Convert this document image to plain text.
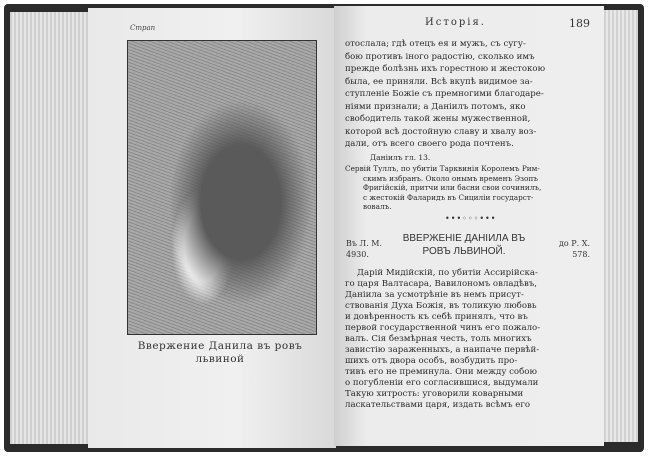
Страп
Ввержение Данила въ ровъ
львиной
Исторія.	189
отослала; гдѣ отецъ ея и мужъ, съ сугу-
бою противъ іного радостію, сколько имъ
прежде болѣзнь ихъ горестною и жестокою
была, ее приняли. Всѣ вкупѣ видимое за-
ступленіе Божіе съ премногими благодаре-
ніями признали; а Даніилъ потомъ, яко
свободитель такой жены мужественной,
которой всѣ достойную славу и хвалу воз-
дали, отъ всего своего рода почтенъ.
Даніилъ гл. 13.
Сервій Туллъ, по убитіи Тарквинія Королемъ Рим-
скимъ избранъ. Около онымъ временъ Эзопъ
Фригійскій, притчи или басни свои сочинилъ,
с жестокій Фаларидъ въ Сициліи государст-
вовалъ.
•••◦◦◦•••
Въ Л. М.
4930.
ВВЕРЖЕНІЕ ДАНІИЛА ВЪ
РОВЪ ЛЬВИНОЙ.
до Р. Х.
578.
Дарій Мидійскій, по убитіи Ассирійска-
го царя Валтасара, Вавилономъ овладѣвъ,
Даніила за усмотрѣніе въ немъ присут-
ствованія Духа Божія, въ толикую любовь
и довѣренность къ себѣ принялъ, что въ
первой государственной чинъ его пожало-
валъ. Сія безмѣрная честь, толь многихъ
завистію зараженныхъ, а наипаче первѣй-
шихъ отъ двора особъ, возбудить про-
тивъ его не преминула. Они между собою
о погубленіи его согласившися, выдумали
Такую хитрость: уговорили коварными
ласкательствами царя, издать всѣмъ его
